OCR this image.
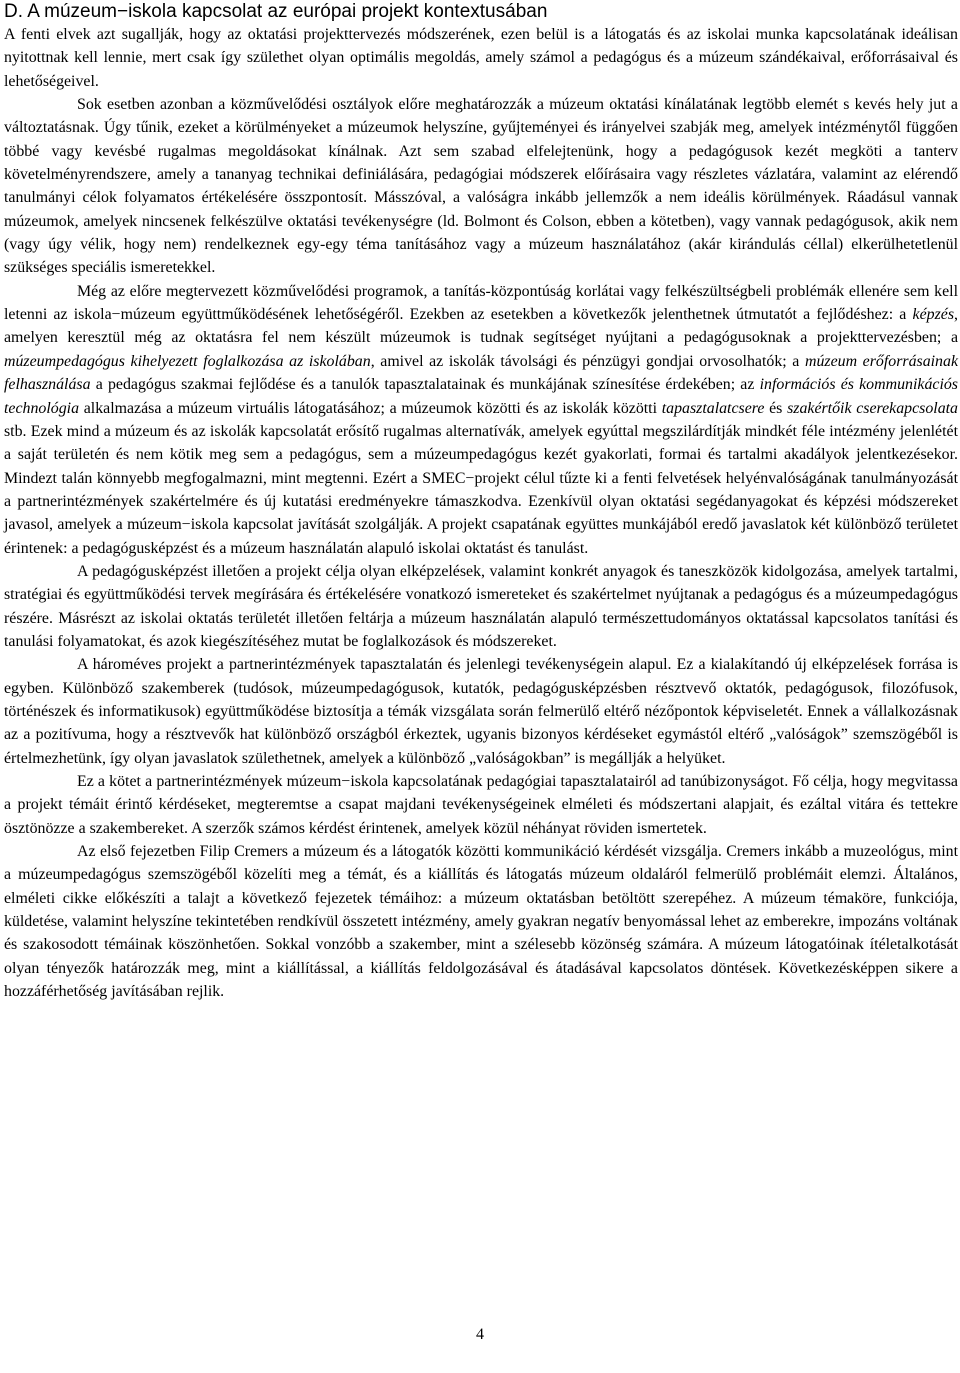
D. A múzeum−iskola kapcsolat az európai projekt kontextusában

A fenti elvek azt sugallják, hogy az oktatási projekttervezés módszerének, ezen belül is a látogatás és az iskolai munka kapcsolatának ideálisan nyitottnak kell lennie, mert csak így születhet olyan optimális megoldás, amely számol a pedagógus és a múzeum szándékaival, erőforrásaival és lehetőségeivel.

Sok esetben azonban a közművelődési osztályok előre meghatározzák a múzeum oktatási kínálatának legtöbb elemét s kevés hely jut a változtatásnak. Úgy tűnik, ezeket a körülményeket a múzeumok helyszíne, gyűjteményei és irányelvei szabják meg, amelyek intézménytől függően többé vagy kevésbé rugalmas megoldásokat kínálnak. Azt sem szabad elfelejtenünk, hogy a pedagógusok kezét megköti a tanterv követelményrendszere, amely a tananyag technikai definiálására, pedagógiai módszerek előírásaira vagy részletes vázlatára, valamint az elérendő tanulmányi célok folyamatos értékelésére összpontosít. Másszóval, a valóságra inkább jellemzők a nem ideális körülmények. Ráadásul vannak múzeumok, amelyek nincsenek felkészülve oktatási tevékenységre (ld. Bolmont és Colson, ebben a kötetben), vagy vannak pedagógusok, akik nem (vagy úgy vélik, hogy nem) rendelkeznek egy-egy téma tanításához vagy a múzeum használatához (akár kirándulás céllal) elkerülhetetlenül szükséges speciális ismeretekkel.

Még az előre megtervezett közművelődési programok, a tanítás-központúság korlátai vagy felkészültségbeli problémák ellenére sem kell letenni az iskola−múzeum együttműködésének lehetőségéről. Ezekben az esetekben a következők jelenthetnek útmutatót a fejlődéshez: a képzés, amelyen keresztül még az oktatásra fel nem készült múzeumok is tudnak segítséget nyújtani a pedagógusoknak a projekttervezésben; a múzeumpedagógus kihelyezett foglalkozása az iskolában, amivel az iskolák távolsági és pénzügyi gondjai orvosolhatók; a múzeum erőforrásainak felhasználása a pedagógus szakmai fejlődése és a tanulók tapasztalatainak és munkájának színesítése érdekében; az információs és kommunikációs technológia alkalmazása a múzeum virtuális látogatásához; a múzeumok közötti és az iskolák közötti tapasztalatcsere és szakértőik cserekapcsolata stb. Ezek mind a múzeum és az iskolák kapcsolatát erősítő rugalmas alternatívák, amelyek egyúttal megszilárdítják mindkét féle intézmény jelenlétét a saját területén és nem kötik meg sem a pedagógus, sem a múzeumpedagógus kezét gyakorlati, formai és tartalmi akadályok jelentkezésekor. Mindezt talán könnyebb megfogalmazni, mint megtenni. Ezért a SMEC−projekt célul tűzte ki a fenti felvetések helyénvalóságának tanulmányozását a partnerintézmények szakértelmére és új kutatási eredményekre támaszkodva. Ezenkívül olyan oktatási segédanyagokat és képzési módszereket javasol, amelyek a múzeum−iskola kapcsolat javítását szolgálják. A projekt csapatának együttes munkájából eredő javaslatok két különböző területet érintenek: a pedagógusképzést és a múzeum használatán alapuló iskolai oktatást és tanulást.

A pedagógusképzést illetően a projekt célja olyan elképzelések, valamint konkrét anyagok és taneszközök kidolgozása, amelyek tartalmi, stratégiai és együttműködési tervek megírására és értékelésére vonatkozó ismereteket és szakértelmet nyújtanak a pedagógus és a múzeumpedagógus részére. Másrészt az iskolai oktatás területét illetően feltárja a múzeum használatán alapuló természettudományos oktatással kapcsolatos tanítási és tanulási folyamatokat, és azok kiegészítéséhez mutat be foglalkozások és módszereket.

A hároméves projekt a partnerintézmények tapasztalatán és jelenlegi tevékenységein alapul. Ez a kialakítandó új elképzelések forrása is egyben. Különböző szakemberek (tudósok, múzeumpedagógusok, kutatók, pedagógusképzésben résztvevő oktatók, pedagógusok, filozófusok, történészek és informatikusok) együttműködése biztosítja a témák vizsgálata során felmerülő eltérő nézőpontok képviseletét. Ennek a vállalkozásnak az a pozitívuma, hogy a résztvevők hat különböző országból érkeztek, ugyanis bizonyos kérdéseket egymástól eltérő „valóságok” szemszögéből is értelmezhetünk, így olyan javaslatok születhetnek, amelyek a különböző „valóságokban” is megállják a helyüket.

Ez a kötet a partnerintézmények múzeum−iskola kapcsolatának pedagógiai tapasztalatairól ad tanúbizonyságot. Fő célja, hogy megvitassa a projekt témáit érintő kérdéseket, megteremtse a csapat majdani tevékenységeinek elméleti és módszertani alapjait, és ezáltal vitára és tettekre ösztönözze a szakembereket. A szerzők számos kérdést érintenek, amelyek közül néhányat röviden ismertetek.

Az első fejezetben Filip Cremers a múzeum és a látogatók közötti kommunikáció kérdését vizsgálja. Cremers inkább a muzeológus, mint a múzeumpedagógus szemszögéből közelíti meg a témát, és a kiállítás és látogatás múzeum oldaláról felmerülő problémáit elemzi. Általános, elméleti cikke előkészíti a talajt a következő fejezetek témáihoz: a múzeum oktatásban betöltött szerepéhez. A múzeum témaköre, funkciója, küldetése, valamint helyszíne tekintetében rendkívül összetett intézmény, amely gyakran negatív benyomással lehet az emberekre, impozáns voltának és szakosodott témáinak köszönhetően. Sokkal vonzóbb a szakember, mint a szélesebb közönség számára. A múzeum látogatóinak ítéletalkotását olyan tényezők határozzák meg, mint a kiállítással, a kiállítás feldolgozásával és átadásával kapcsolatos döntések. Következésképpen sikere a hozzáférhetőség javításában rejlik.

4
